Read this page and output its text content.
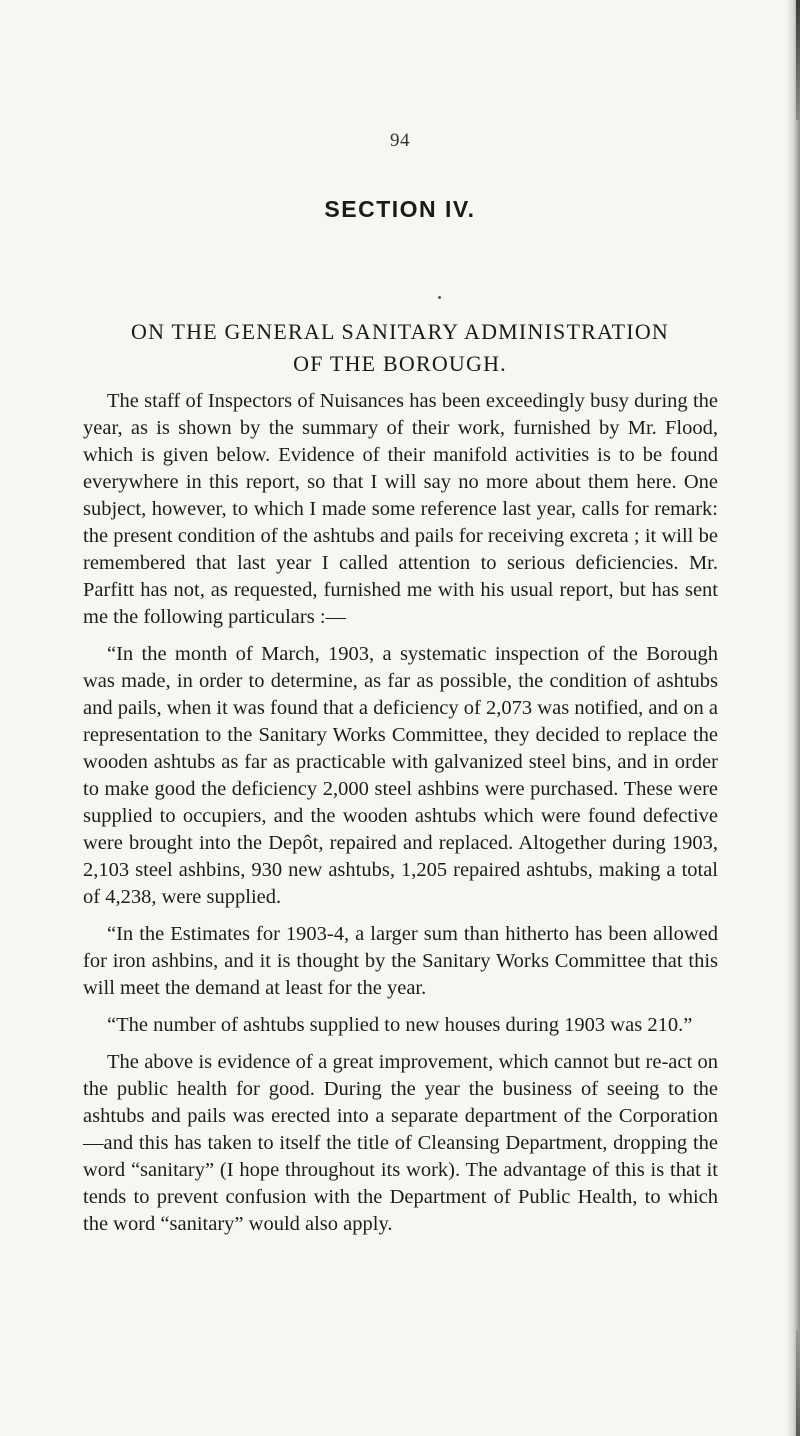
94
SECTION IV.
ON THE GENERAL SANITARY ADMINISTRATION
OF THE BOROUGH.

The staff of Inspectors of Nuisances has been exceedingly busy during the year, as is shown by the summary of their work, furnished by Mr. Flood, which is given below. Evidence of their manifold activities is to be found everywhere in this report, so that I will say no more about them here. One subject, however, to which I made some reference last year, calls for remark: the present condition of the ashtubs and pails for receiving excreta ; it will be remembered that last year I called attention to serious deficiencies. Mr. Parfitt has not, as requested, furnished me with his usual report, but has sent me the following particulars :—

“In the month of March, 1903, a systematic inspection of the Borough was made, in order to determine, as far as possible, the condition of ashtubs and pails, when it was found that a deficiency of 2,073 was notified, and on a representation to the Sanitary Works Committee, they decided to replace the wooden ashtubs as far as practicable with galvanized steel bins, and in order to make good the deficiency 2,000 steel ashbins were purchased. These were supplied to occupiers, and the wooden ashtubs which were found defective were brought into the Depôt, repaired and replaced. Altogether during 1903, 2,103 steel ashbins, 930 new ashtubs, 1,205 repaired ashtubs, making a total of 4,238, were supplied.

“In the Estimates for 1903-4, a larger sum than hitherto has been allowed for iron ashbins, and it is thought by the Sanitary Works Committee that this will meet the demand at least for the year.

“The number of ashtubs supplied to new houses during 1903 was 210.”

The above is evidence of a great improvement, which cannot but re-act on the public health for good. During the year the business of seeing to the ashtubs and pails was erected into a separate department of the Corporation—and this has taken to itself the title of Cleansing Department, dropping the word “sanitary” (I hope throughout its work). The advantage of this is that it tends to prevent confusion with the Department of Public Health, to which the word “sanitary” would also apply.
